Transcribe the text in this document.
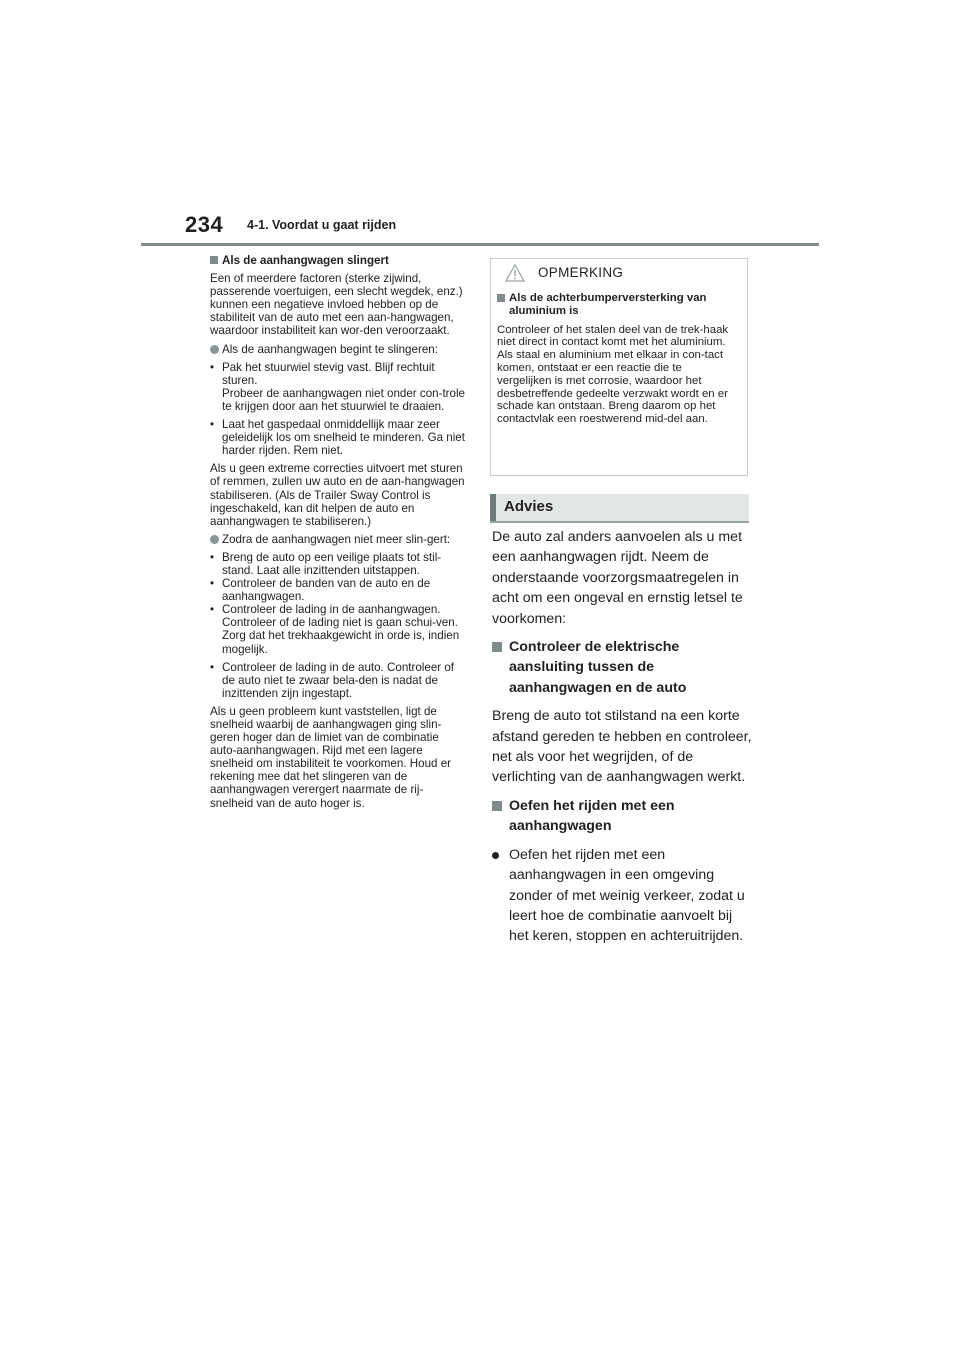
234 4-1. Voordat u gaat rijden

Als de aanhangwagen slingert

Een of meerdere factoren (sterke zijwind, passerende voertuigen, een slecht wegdek, enz.) kunnen een negatieve invloed hebben op de stabiliteit van de auto met een aan-hangwagen, waardoor instabiliteit kan wor-den veroorzaakt.

Als de aanhangwagen begint te slingeren:

• Pak het stuurwiel stevig vast. Blijf rechtuit sturen.

Probeer de aanhangwagen niet onder con-trole te krijgen door aan het stuurwiel te draaien.

• Laat het gaspedaal onmiddellijk maar zeer geleidelijk los om snelheid te minderen. Ga niet harder rijden. Rem niet.

Als u geen extreme correcties uitvoert met sturen of remmen, zullen uw auto en de aan-hangwagen stabiliseren. (Als de Trailer Sway Control is ingeschakeld, kan dit helpen de auto en aanhangwagen te stabiliseren.)

Zodra de aanhangwagen niet meer slin-gert:

• Breng de auto op een veilige plaats tot stil-stand. Laat alle inzittenden uitstappen.
• Controleer de banden van de auto en de aanhangwagen.
• Controleer de lading in de aanhangwagen. Controleer of de lading niet is gaan schui-ven.

Zorg dat het trekhaakgewicht in orde is, indien mogelijk.

• Controleer de lading in de auto. Controleer of de auto niet te zwaar bela-den is nadat de inzittenden zijn ingestapt.

Als u geen probleem kunt vaststellen, ligt de snelheid waarbij de aanhangwagen ging slin-geren hoger dan de limiet van de combinatie auto-aanhangwagen. Rijd met een lagere snelheid om instabiliteit te voorkomen. Houd er rekening mee dat het slingeren van de aanhangwagen verergert naarmate de rij-snelheid van de auto hoger is.

OPMERKING
Als de achterbumperversterking van aluminium is

Controleer of het stalen deel van de trek-haak niet direct in contact komt met het aluminium.

Als staal en aluminium met elkaar in con-tact komen, ontstaat er een reactie die te vergelijken is met corrosie, waardoor het desbetreffende gedeelte verzwakt wordt en er schade kan ontstaan. Breng daarom op het contactvlak een roestwerend mid-del aan.

Advies

De auto zal anders aanvoelen als u met een aanhangwagen rijdt. Neem de onderstaande voorzorgsmaatregelen in acht om een ongeval en ernstig letsel te voorkomen:

Controleer de elektrische aansluiting tussen de aanhangwagen en de auto

Breng de auto tot stilstand na een korte afstand gereden te hebben en controleer, net als voor het wegrijden, of de verlichting van de aanhangwagen werkt.

Oefen het rijden met een aanhangwagen
Oefen het rijden met een aanhangwagen in een omgeving zonder of met weinig verkeer, zodat u leert hoe de combinatie aanvoelt bij het keren, stoppen en achteruitrijden.
